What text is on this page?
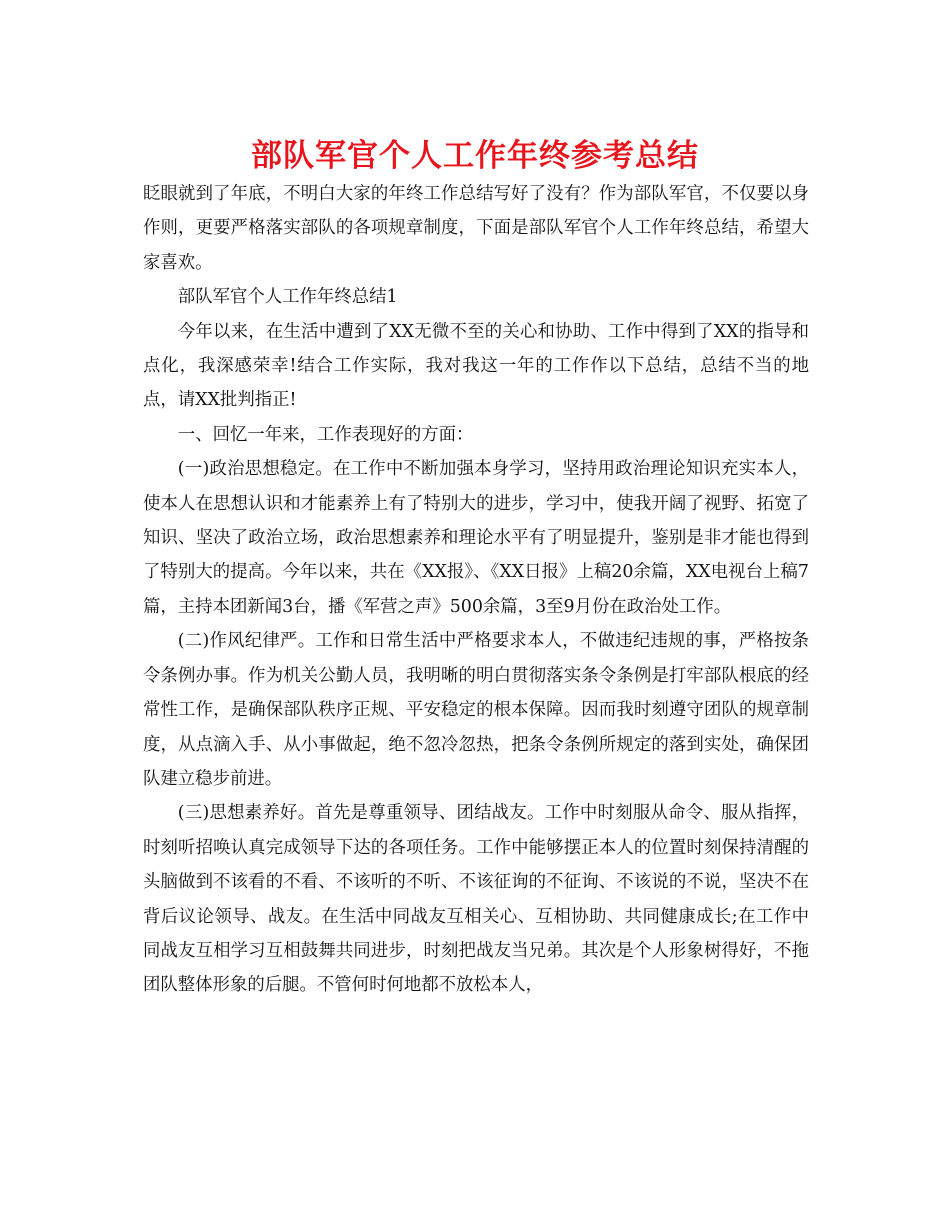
部队军官个人工作年终参考总结

眨眼就到了年底，不明白大家的年终工作总结写好了没有？作为部队军官，不仅要以身作则，更要严格落实部队的各项规章制度，下面是部队军官个人工作年终总结，希望大家喜欢。

部队军官个人工作年终总结1

今年以来，在生活中遭到了XX无微不至的关心和协助、工作中得到了XX的指导和点化，我深感荣幸!结合工作实际，我对我这一年的工作作以下总结，总结不当的地点，请XX批判指正!

一、回忆一年来，工作表现好的方面：

(一)政治思想稳定。在工作中不断加强本身学习，坚持用政治理论知识充实本人，使本人在思想认识和才能素养上有了特别大的进步，学习中，使我开阔了视野、拓宽了知识、坚决了政治立场，政治思想素养和理论水平有了明显提升，鉴别是非才能也得到了特别大的提高。今年以来，共在《XX报》、《XX日报》上稿20余篇，XX电视台上稿7篇，主持本团新闻3台，播《军营之声》500余篇，3至9月份在政治处工作。

(二)作风纪律严。工作和日常生活中严格要求本人，不做违纪违规的事，严格按条令条例办事。作为机关公勤人员，我明晰的明白贯彻落实条令条例是打牢部队根底的经常性工作，是确保部队秩序正规、平安稳定的根本保障。因而我时刻遵守团队的规章制度，从点滴入手、从小事做起，绝不忽冷忽热，把条令条例所规定的落到实处，确保团队建立稳步前进。

(三)思想素养好。首先是尊重领导、团结战友。工作中时刻服从命令、服从指挥，时刻听招唤认真完成领导下达的各项任务。工作中能够摆正本人的位置时刻保持清醒的头脑做到不该看的不看、不该听的不听、不该征询的不征询、不该说的不说，坚决不在背后议论领导、战友。在生活中同战友互相关心、互相协助、共同健康成长;在工作中同战友互相学习互相鼓舞共同进步，时刻把战友当兄弟。其次是个人形象树得好，不拖团队整体形象的后腿。不管何时何地都不放松本人，
